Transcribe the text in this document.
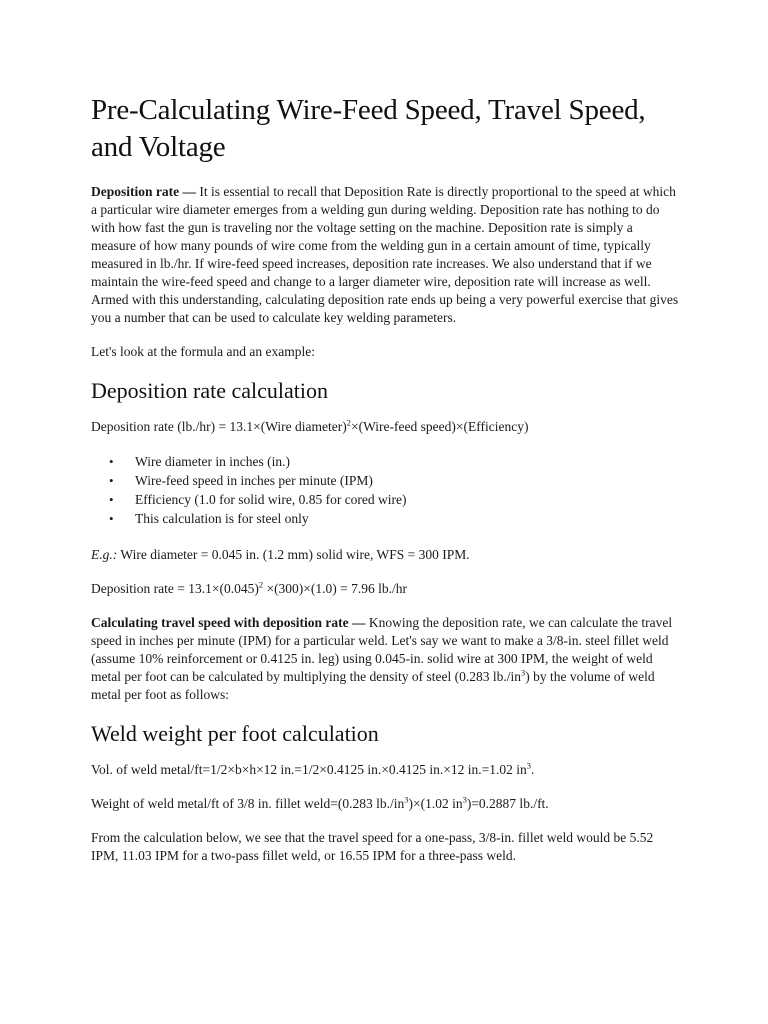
Pre-Calculating Wire-Feed Speed, Travel Speed, and Voltage

Deposition rate — It is essential to recall that Deposition Rate is directly proportional to the speed at which a particular wire diameter emerges from a welding gun during welding. Deposition rate has nothing to do with how fast the gun is traveling nor the voltage setting on the machine. Deposition rate is simply a measure of how many pounds of wire come from the welding gun in a certain amount of time, typically measured in lb./hr. If wire-feed speed increases, deposition rate increases. We also understand that if we maintain the wire-feed speed and change to a larger diameter wire, deposition rate will increase as well. Armed with this understanding, calculating deposition rate ends up being a very powerful exercise that gives you a number that can be used to calculate key welding parameters.

Let's look at the formula and an example:

Deposition rate calculation

Deposition rate (lb./hr) = 13.1×(Wire diameter)$^2$×(Wire-feed speed)×(Efficiency)

• Wire diameter in inches (in.)
• Wire-feed speed in inches per minute (IPM)
• Efficiency (1.0 for solid wire, 0.85 for cored wire)
• This calculation is for steel only

E.g.: Wire diameter = 0.045 in. (1.2 mm) solid wire, WFS = 300 IPM.

Deposition rate = $13.1\times(0.045)^2 \times(300)\times(1.0) = 7.96$ lb./hr

Calculating travel speed with deposition rate — Knowing the deposition rate, we can calculate the travel speed in inches per minute (IPM) for a particular weld. Let's say we want to make a 3/8-in. steel fillet weld (assume 10% reinforcement or 0.4125 in. leg) using 0.045-in. solid wire at 300 IPM, the weight of weld metal per foot can be calculated by multiplying the density of steel (0.283 $lb./in^3$) by the volume of weld metal per foot as follows:

Weld weight per foot calculation

Vol. of weld metal/ft=1/2×b×h×12 in.=1/2×0.4125 in.×0.4125 in.×12 in.=1.02 $in^3$.

Weight of weld metal/ft of 3/8 in. fillet weld=(0.283 $lb./in^3)\times(1.02$ $in^3)=0.2887$ lb./ft.

From the calculation below, we see that the travel speed for a one-pass, 3/8-in. fillet weld would be 5.52 IPM, 11.03 IPM for a two-pass fillet weld, or 16.55 IPM for a three-pass weld.
